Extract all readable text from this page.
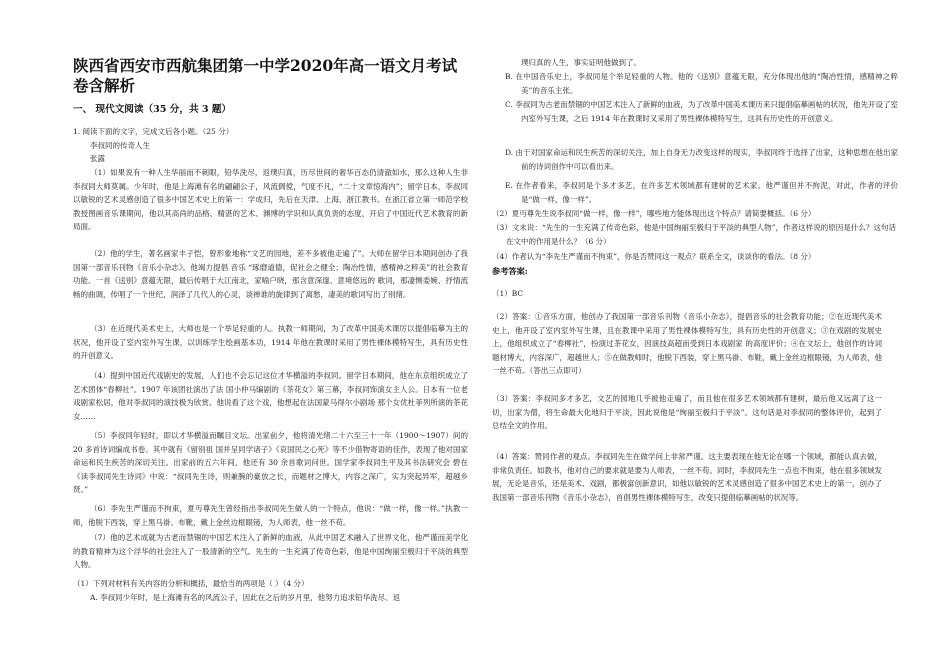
陕西省西安市西航集团第一中学2020年高一语文月考试卷含解析
一、 现代文阅读（35 分，共 3 题）

1. 阅读下面的文字，完成文后各小题。（25 分）

李叔同的传奇人生

张露

（1）如果说有一种人生华丽而不刺眼，铅华洗尽，返璞归真，历尽世间的奢华百态仍清澈如水，那么这种人生非李叔同大师莫属。少年时，他是上海滩有名的翩翩公子，风流倜傥，气度不凡，“二十文章惊海内”；留学日本，李叔同以敏锐的艺术灵感创造了很多中国艺术史上的第一：学成归，先后在天津、上海、浙江教书。在浙江省立第一师范学校教授图画音乐课期间，他以其高尚的品格、精湛的艺术、渊博的学识和认真负责的态度，开启了中国近代艺术教育的新局面。

（2）他的学生，著名画家丰子恺，曾形象地称“文艺的园地，差不多被他走遍了”。大师在留学日本期间创办了我国第一部音乐刊物《音乐小杂志》。他竭力提倡 音乐 “琢磨道德，促社会之健全；陶冶性情，感精神之粹美”的社会教育功能。一首《送别》意蕴无限，最后传唱于大江南北，家喻户晓，那含意深邃、意境悠远的 歌词，那凄恻委婉、抒情流畅的曲调，传唱了一个世纪，润泽了几代人的心灵，谈禅谁的旋律到了离愁，凄美的歌词写出了别绪。

（3）在近现代美术史上，大师也是一个举足轻重的人。执教一师期间，为了改革中国美术课厉以提倡临摹为主的状况，他开设了室内室外写生课，以训练学生绘画基本功，1914 年他在教课时采用了男性裸体模特写生，具有历史性的开创意义。

（4）提到中国近代戏剧史的发展，人们也不会忘记这位才华横溢的李叔同。留学日本期间，他在东京组织成立了艺术团体“春柳社”。1907 年该团社演出了法 国小仲马编剧的《茶花女》第三幕，李叔同饰演女主人公。日本有一位老戏剧家松居，他对李叔同的演技极为欣赏。他说看了这个戏，他想起在法国蒙马得尔小剧场 那个女优杜菲列所演的茶花女……

（5）李叔同年轻时，即以才华横溢而瞩目文坛。出家前夕，他将清光绪二十六至三十一年（1900～1907）间的 20 多首诗词编成书卷。其中就有《留别祖 国并呈同学诸子》《哀国民之心死》等不少借物寄语的佳作，表现了他对国家命运和民生疾苦的深切关注。出家前的五六年间，他还有 30 余首歌词问世。国学家李叔同生平及其书法研究会 碧在《读李叔同先生诗词》中说：“叔同先生诗，则兼腕的豪放之长，而题材之博大，内容之深广，实为突起异军，超越乡贤。”

（6）李先生严谨而不拘束，夏丏尊先生曾经指出李叔同先生做人的一个特点，他说：“做一样，像一样。”执教一师，他脱下西装，穿上黑马褂、布靴，戴上金丝边框眼镜，为人师表，他一丝不苟。

（7）他的艺术成就为古老而禁锢的中国艺术注入了新鲜的血液，从此中国艺术融入了世界文化，他严谨而美学化的教育精神为这个浮华的社会注入了一股清新的空气。先生的一生充满了传奇色彩，他是中国绚丽至极归于平淡的典型人物。

（1）下列对材料有关内容的分析和概括，最恰当的两项是（ ）（4 分）

A. 李叔同少年时，是上海滩有名的风流公子，因此在之后的岁月里，他努力追求铅华洗尽、返

璞归真的人生，事实证明他做到了。

B. 在中国音乐史上，李叔同是个举足轻重的人物。他的《送别》意蕴无限，充分体现出他的“陶冶性情，感精神之粹美”的音乐主张。

C. 李叔同为古老而禁锢的中国艺术注入了新鲜的血液，为了改革中国美术课历来只提倡临摹画帖的状况，他先开设了室内室外写生课，之后 1914 年在教课时又采用了男性裸体模特写生，这具有历史性的开创意义。

D. 由于对国家命运和民生疾苦的深切关注，加上自身无力改变这样的现实，李叔同终于选择了出家，这种思想在他出家前的诗词创作中可以看出来。

E. 在作者看来，李叔同是个多才多艺，在许多艺术领域都有建树的艺术家。他严谨但并不拘泥，对此，作者的评价是“做一样，像一样”。

（2）夏丏尊先生说李叔同“做一样，像一样”，哪些地方能体现出这个特点？请简要概括。（6 分）

（3）文末说：“先生的一生充满了传奇色彩，他是中国绚丽至极归于平淡的典型人物”，作者这样说的原因是什么？这句话在文中的作用是什么？（6 分）

（4）作者认为“李先生严谨而不拘束”，你是否赞同这一观点？联系全文，谈谈你的看法。（8 分）

参考答案:

（1）BC

（2）答案：①音乐方面，他创办了我国第一部音乐刊物《音乐小杂志》，提倡音乐的社会教育功能；②在近现代美术史上，他开设了室内室外写生课，且在教课中采用了男性裸体模特写生，具有历史性的开创意义；③在戏剧的发展史上，他组织成立了“春柳社”，扮演过茶花女，因演技高超而受到日本戏剧家 的高度评价；④在文坛上，他创作的诗词题材博大，内容深广，超越世人；⑤在做教师时，他脱下西装，穿上黑马褂、布鞋，戴上金丝边框眼镜，为人师表，他一丝不苟。（答出三点即可）

（3）答案：李叔同多才多艺，文艺的园地几乎被他走遍了，而且他在很多艺术领域都有建树，最后他又远离了这一切，出家为僧，将生命最大化地归于平淡，因此说他是“绚丽至极归于平淡”。这句话是对李叔同的整体评价，起到了总结全文的作用。

（4）答案：赞同作者的观点。李叔同先生在做学问上非常严谨。这主要表现在他无论在哪一个领域，都能认真去做，非常负责任。如教书，他对自己的要求就是要为人师表，一丝不苟。同时，李叔同先生一点也不拘束，他在很多领域发展，无论是音乐，还是美术、戏剧，都极富创新意识，如他以敏锐的艺术灵感创造了很多中国艺术史上的第一，创办了我国第一部音乐刊物《音乐小杂志》，首倡男性裸体模特写生，改变只提倡临摹画帖的状况等。
